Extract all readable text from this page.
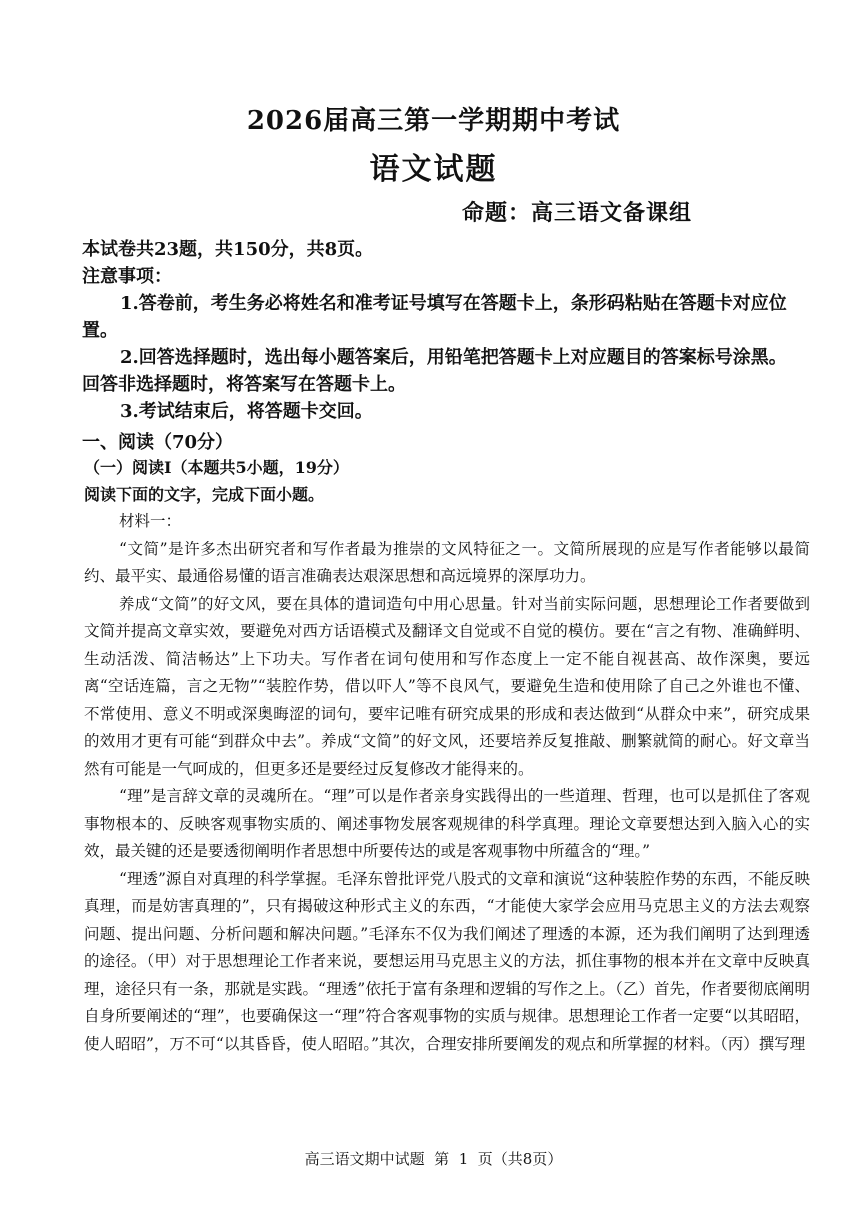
2026届高三第一学期期中考试
语文试题
命题：高三语文备课组
本试卷共23题，共150分，共8页。
注意事项：
1.答卷前，考生务必将姓名和准考证号填写在答题卡上，条形码粘贴在答题卡对应位置。
2.回答选择题时，选出每小题答案后，用铅笔把答题卡上对应题目的答案标号涂黑。回答非选择题时，将答案写在答题卡上。
3.考试结束后，将答题卡交回。
一、阅读（70分）
（一）阅读Ⅰ（本题共5小题，19分）
阅读下面的文字，完成下面小题。

材料一：

“文简”是许多杰出研究者和写作者最为推崇的文风特征之一。文简所展现的应是写作者能够以最简约、最平实、最通俗易懂的语言准确表达艰深思想和高远境界的深厚功力。

养成“文简”的好文风，要在具体的遣词造句中用心思量。针对当前实际问题，思想理论工作者要做到文简并提高文章实效，要避免对西方话语模式及翻译文自觉或不自觉的模仿。要在“言之有物、准确鲜明、生动活泼、简洁畅达”上下功夫。写作者在词句使用和写作态度上一定不能自视甚高、故作深奥，要远离“空话连篇，言之无物”“装腔作势，借以吓人”等不良风气，要避免生造和使用除了自己之外谁也不懂、不常使用、意义不明或深奥晦涩的词句，要牢记唯有研究成果的形成和表达做到“从群众中来”，研究成果的效用才更有可能“到群众中去”。养成“文简”的好文风，还要培养反复推敲、删繁就简的耐心。好文章当然有可能是一气呵成的，但更多还是要经过反复修改才能得来的。

“理”是言辞文章的灵魂所在。“理”可以是作者亲身实践得出的一些道理、哲理，也可以是抓住了客观事物根本的、反映客观事物实质的、阐述事物发展客观规律的科学真理。理论文章要想达到入脑入心的实效，最关键的还是要透彻阐明作者思想中所要传达的或是客观事物中所蕴含的“理。”

“理透”源自对真理的科学掌握。毛泽东曾批评党八股式的文章和演说“这种装腔作势的东西，不能反映真理，而是妨害真理的”，只有揭破这种形式主义的东西，“才能使大家学会应用马克思主义的方法去观察问题、提出问题、分析问题和解决问题。”毛泽东不仅为我们阐述了理透的本源，还为我们阐明了达到理透的途径。（甲）对于思想理论工作者来说，要想运用马克思主义的方法，抓住事物的根本并在文章中反映真理，途径只有一条，那就是实践。“理透”依托于富有条理和逻辑的写作之上。（乙）首先，作者要彻底阐明自身所要阐述的“理”，也要确保这一“理”符合客观事物的实质与规律。思想理论工作者一定要“以其昭昭，使人昭昭”，万不可“以其昏昏，使人昭昭。”其次，合理安排所要阐发的观点和所掌握的材料。（丙）撰写理

高三语文期中试题  第  1  页（共8页）
